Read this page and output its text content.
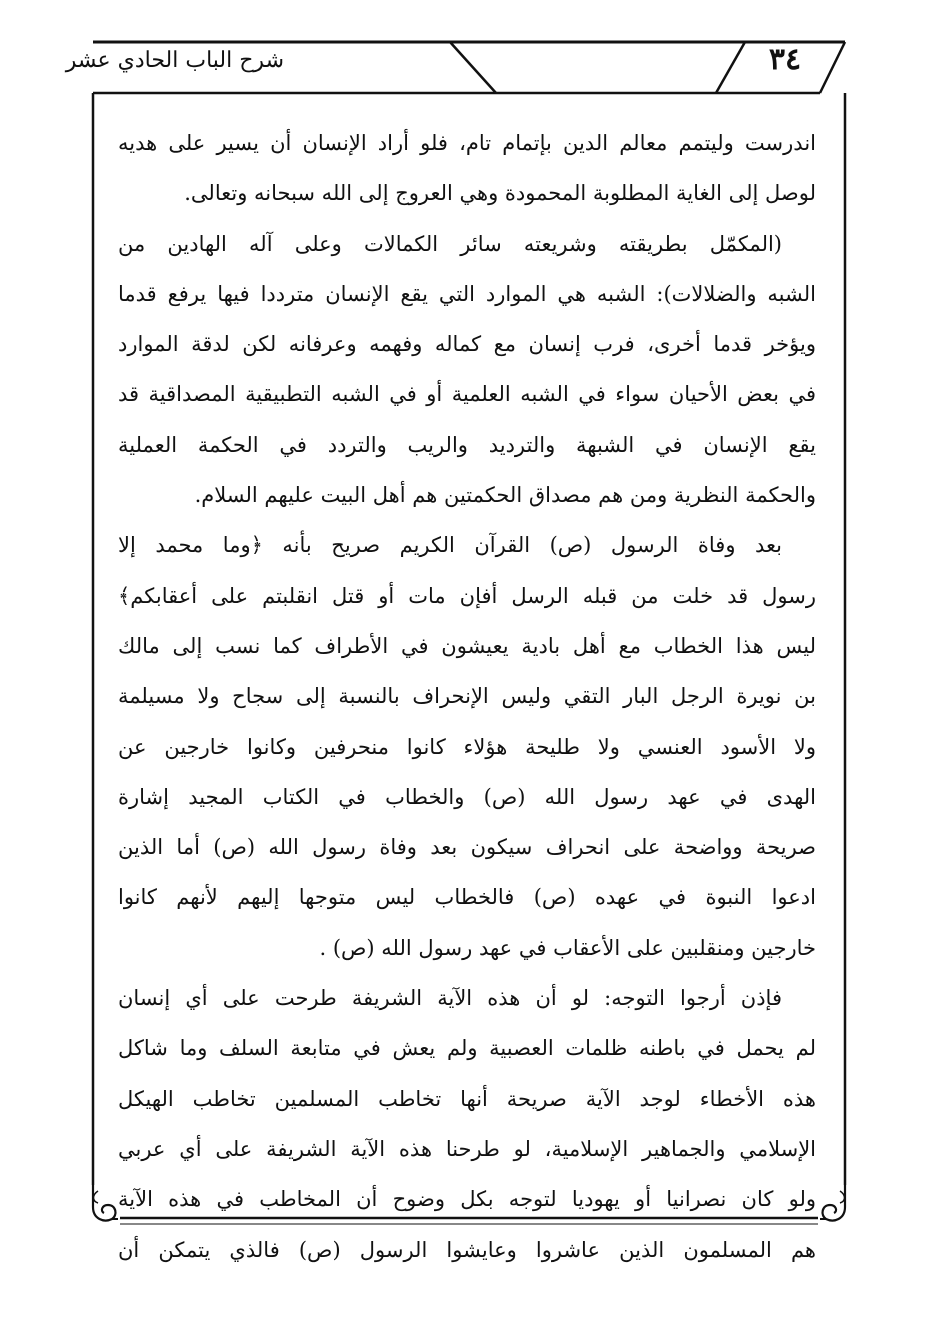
شرح الباب الحادي عشر	٣٤
اندرست وليتمم معالم الدين بإتمام تام، فلو أراد الإنسان أن يسير على هديه
لوصل إلى الغاية المطلوبة المحمودة وهي العروج إلى الله سبحانه وتعالى.
(المكمّل بطريقته وشريعته سائر الكمالات وعلى آله الهادين من
الشبه والضلالات): الشبه هي الموارد التي يقع الإنسان مترددا فيها يرفع قدما
ويؤخر قدما أخرى، فرب إنسان مع كماله وفهمه وعرفانه لكن لدقة الموارد
في بعض الأحيان سواء في الشبه العلمية أو في الشبه التطبيقية المصداقية قد
يقع الإنسان في الشبهة والترديد والريب والتردد في الحكمة العملية
والحكمة النظرية ومن هم مصداق الحكمتين هم أهل البيت عليهم السلام.
بعد وفاة الرسول (ص) القرآن الكريم صريح بأنه ﴿وما محمد إلا
رسول قد خلت من قبله الرسل أفإن مات أو قتل انقلبتم على أعقابكم﴾
ليس هذا الخطاب مع أهل بادية يعيشون في الأطراف كما نسب إلى مالك
بن نويرة الرجل البار التقي وليس الإنحراف بالنسبة إلى سجاح ولا مسيلمة
ولا الأسود العنسي ولا طليحة هؤلاء كانوا منحرفين وكانوا خارجين عن
الهدى في عهد رسول الله (ص) والخطاب في الكتاب المجيد إشارة
صريحة وواضحة على انحراف سيكون بعد وفاة رسول الله (ص) أما الذين
ادعوا النبوة في عهده (ص) فالخطاب ليس متوجها إليهم لأنهم كانوا
خارجين ومنقلبين على الأعقاب في عهد رسول الله (ص) .
فإذن أرجوا التوجه: لو أن هذه الآية الشريفة طرحت على أي إنسان
لم يحمل في باطنه ظلمات العصبية ولم يعش في متابعة السلف وما شاكل
هذه الأخطاء لوجد الآية صريحة أنها تخاطب المسلمين تخاطب الهيكل
الإسلامي والجماهير الإسلامية، لو طرحنا هذه الآية الشريفة على أي عربي
ولو كان نصرانيا أو يهوديا لتوجه بكل وضوح أن المخاطب في هذه الآية
هم المسلمون الذين عاشروا وعايشوا الرسول (ص) فالذي يتمكن أن
